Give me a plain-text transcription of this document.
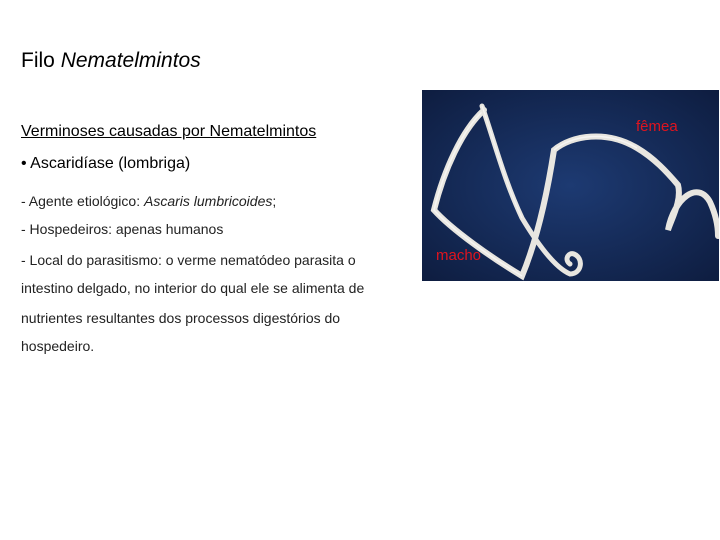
Filo Nematelmintos
Verminoses causadas por Nematelmintos
• Ascaridíase (lombriga)
- Agente etiológico: Ascaris lumbricoides;
- Hospedeiros: apenas humanos
- Local do parasitismo: o verme nematódeo parasita o
intestino delgado, no interior do qual ele se alimenta de
nutrientes resultantes dos processos digestórios do
hospedeiro.
fêmea
macho
